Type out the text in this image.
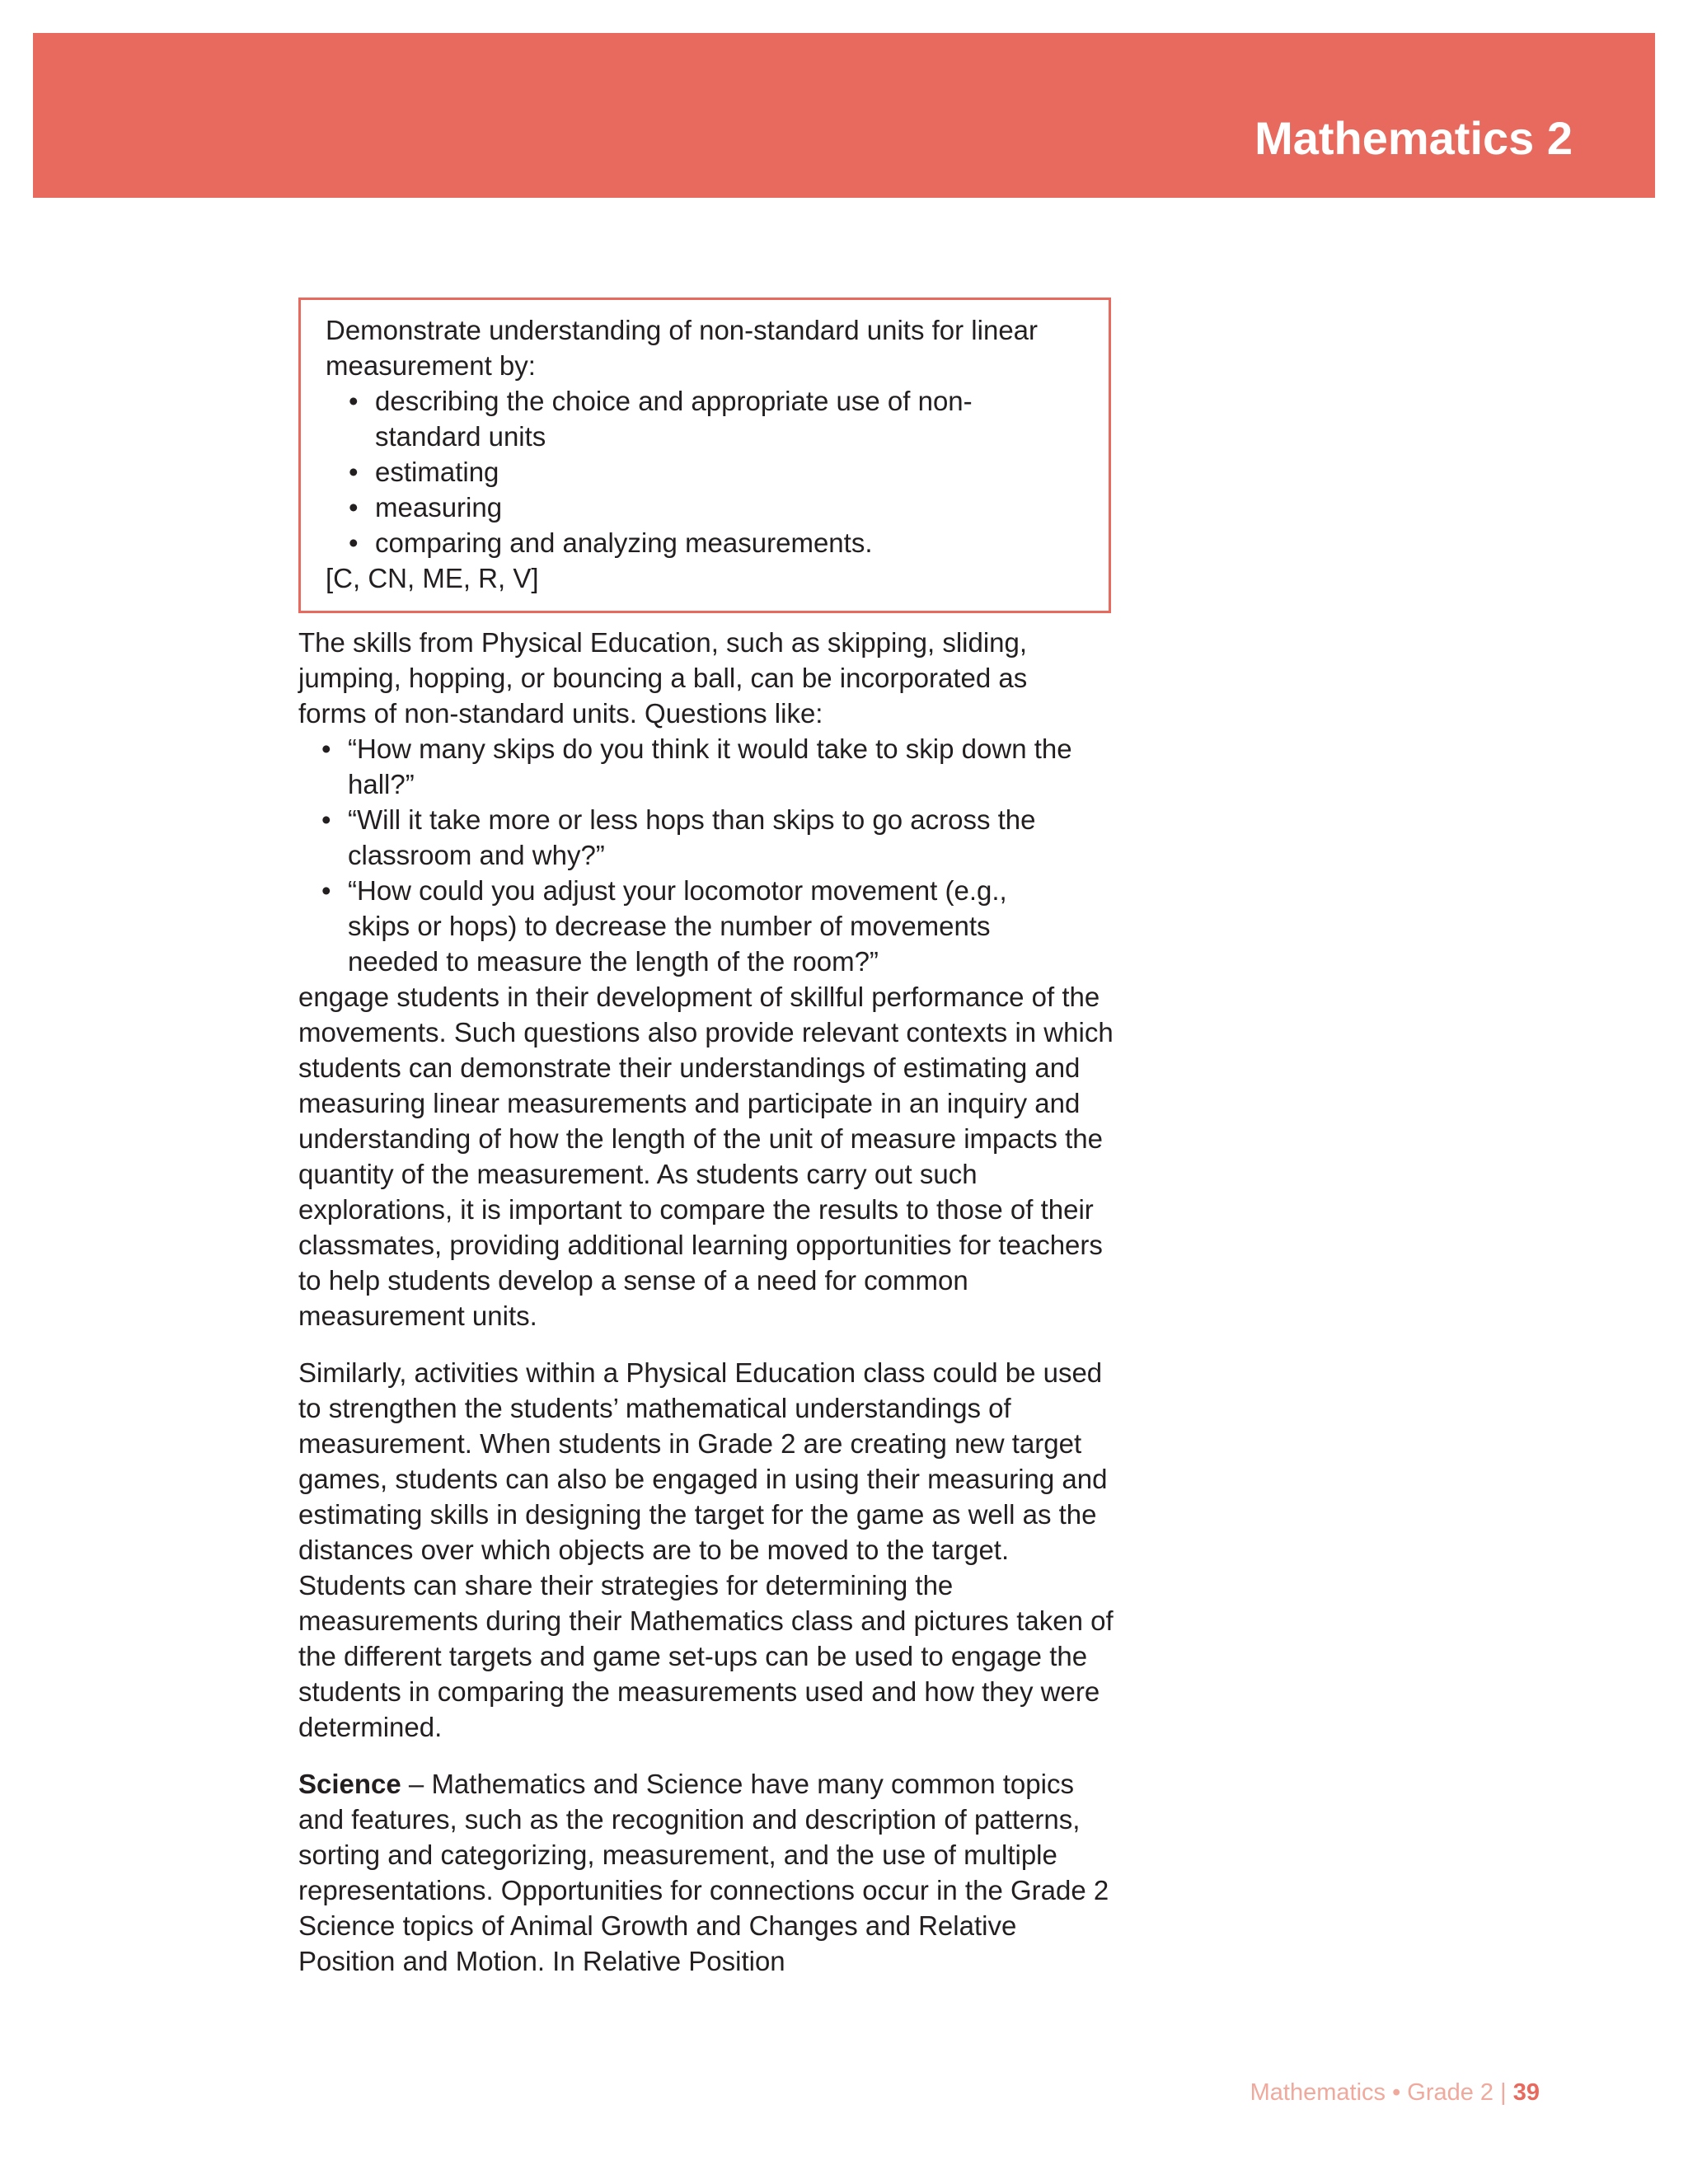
Mathematics 2
Demonstrate understanding of non-standard units for linear
measurement by:
• describing the choice and appropriate use of non-standard units
• estimating
• measuring
• comparing and analyzing measurements.
[C, CN, ME, R, V]

The skills from Physical Education, such as skipping, sliding, jumping, hopping, or bouncing a ball, can be incorporated as forms of non-standard units. Questions like:

• “How many skips do you think it would take to skip down the hall?”
• “Will it take more or less hops than skips to go across the classroom and why?”
• “How could you adjust your locomotor movement (e.g., skips or hops) to decrease the number of movements needed to measure the length of the room?”

engage students in their development of skillful performance of the movements. Such questions also provide relevant contexts in which students can demonstrate their understandings of estimating and measuring linear measurements and participate in an inquiry and understanding of how the length of the unit of measure impacts the quantity of the measurement. As students carry out such explorations, it is important to compare the results to those of their classmates, providing additional learning opportunities for teachers to help students develop a sense of a need for common measurement units.

Similarly, activities within a Physical Education class could be used to strengthen the students’ mathematical understandings of measurement. When students in Grade 2 are creating new target games, students can also be engaged in using their measuring and estimating skills in designing the target for the game as well as the distances over which objects are to be moved to the target. Students can share their strategies for determining the measurements during their Mathematics class and pictures taken of the different targets and game set-ups can be used to engage the students in comparing the measurements used and how they were determined.

Science – Mathematics and Science have many common topics and features, such as the recognition and description of patterns, sorting and categorizing, measurement, and the use of multiple representations. Opportunities for connections occur in the Grade 2 Science topics of Animal Growth and Changes and Relative Position and Motion. In Relative Position

Mathematics • Grade 2 | 39
